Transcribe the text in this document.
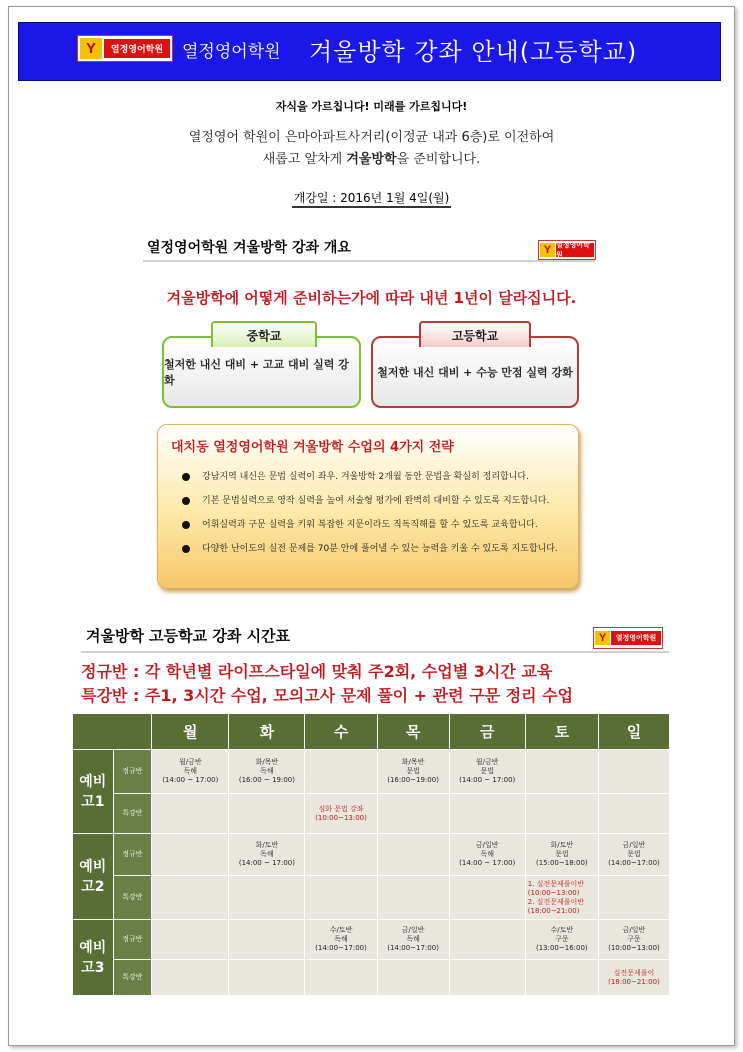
Y	열정영어학원	열정영어학원 겨울방학 강좌 안내(고등학교)
자식을 가르칩니다! 미래를 가르칩니다!
열정영어 학원이 은마아파트사거리(이정균 내과 6층)로 이전하여
새롭고 알차게 겨울방학을 준비합니다.
개강일 : 2016년 1월 4일(월)
열정영어학원 겨울방학 강좌 개요	Y 열정영어학원
겨울방학에 어떻게 준비하는가에 따라 내년 1년이 달라집니다.
철저한 내신 대비 + 고교 대비 실력 강화
중학교
철저한 내신 대비 + 수능 만점 실력 강화
고등학교
대치동 열정영어학원 겨울방학 수업의 4가지 전략
강남지역 내신은 문법 실력이 좌우. 겨울방학 2개월 동안 문법을 확실히 정리합니다.
기본 문법실력으로 영작 실력을 높여 서술형 평가에 완벽히 대비할 수 있도록 지도합니다.
어휘실력과 구문 실력을 키워 복잡한 지문이라도 직독직해를 할 수 있도록 교육합니다.
다양한 난이도의 실전 문제를 70분 안에 풀어낼 수 있는 능력을 키울 수 있도록 지도합니다.
겨울방학 고등학교 강좌 시간표	Y	열정영어학원
정규반 : 각 학년별 라이프스타일에 맞춰 주2회, 수업별 3시간 교육
특강반 : 주1, 3시간 수업, 모의고사 문제 풀이 + 관련 구문 정리 수업
		월	화	수	목	금	토	일
예비
고1	정규반	월/금반
독해
(14:00 ~ 17:00)	화/목반
독해
(16:00 ~ 19:00)		화/목반
문법
(16:00~19:00)	월/금반
문법
(14:00 ~ 17:00)		
	특강반			심화 문법 강좌
(10:00~13:00)				
예비
고2	정규반		화/토반
독해
(14:00 ~ 17:00)			금/일반
독해
(14:00 ~ 17:00)	화/토반
문법
(15:00~18:00)	금/일반
문법
(14:00~17:00)
	특강반						1. 실전문제풀이반
(10:00~13:00)
2. 실전문제풀이반
(18:00~21:00)	
예비
고3	정규반			수/토반
독해
(14:00~17:00)	금/일반
독해
(14:00~17:00)		수/토반
구문
(13:00~16:00)	금/일반
구문
(10:00~13:00)
	특강반							실전문제풀이
(18:00~21:00)
